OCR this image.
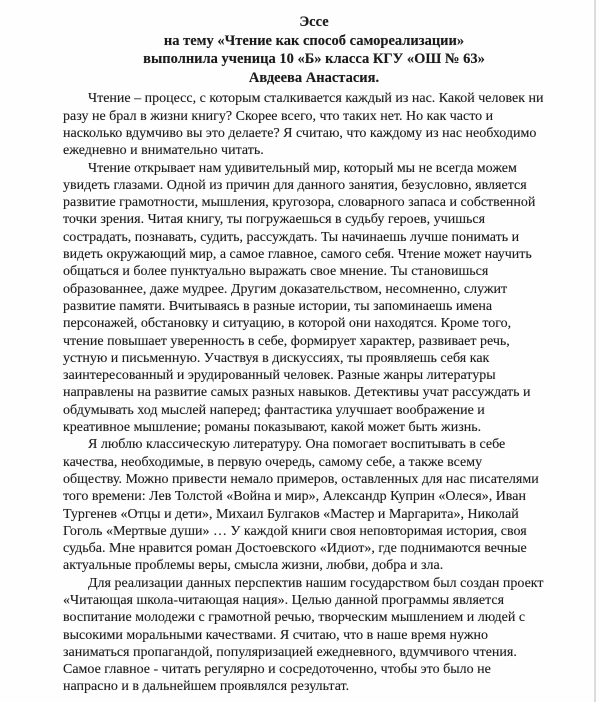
Эссе
на тему «Чтение как способ самореализации»
выполнила ученица 10 «Б» класса КГУ «ОШ № 63»
Авдеева Анастасия.
Чтение – процесс, с которым сталкивается каждый из нас. Какой человек ни
разу не брал в жизни книгу? Скорее всего, что таких нет. Но как часто и
насколько вдумчиво вы это делаете? Я считаю, что каждому из нас необходимо
ежедневно и внимательно читать.
Чтение открывает нам удивительный мир, который мы не всегда можем
увидеть глазами. Одной из причин для данного занятия, безусловно, является
развитие грамотности, мышления, кругозора, словарного запаса и собственной
точки зрения. Читая книгу, ты погружаешься в судьбу героев, учишься
сострадать, познавать, судить, рассуждать. Ты начинаешь лучше понимать и
видеть окружающий мир, а самое главное, самого себя. Чтение может научить
общаться и более пунктуально выражать свое мнение. Ты становишься
образованнее, даже мудрее. Другим доказательством, несомненно, служит
развитие памяти. Вчитываясь в разные истории, ты запоминаешь имена
персонажей, обстановку и ситуацию, в которой они находятся. Кроме того,
чтение повышает уверенность в себе, формирует характер, развивает речь,
устную и письменную. Участвуя в дискуссиях, ты проявляешь себя как
заинтересованный и эрудированный человек. Разные жанры литературы
направлены на развитие самых разных навыков. Детективы учат рассуждать и
обдумывать ход мыслей наперед; фантастика улучшает воображение и
креативное мышление; романы показывают, какой может быть жизнь.
Я люблю классическую литературу. Она помогает воспитывать в себе
качества, необходимые, в первую очередь, самому себе, а также всему
обществу. Можно привести немало примеров, оставленных для нас писателями
того времени: Лев Толстой «Война и мир», Александр Куприн «Олеся», Иван
Тургенев «Отцы и дети», Михаил Булгаков «Мастер и Маргарита», Николай
Гоголь «Мертвые души» … У каждой книги своя неповторимая история, своя
судьба. Мне нравится роман Достоевского «Идиот», где поднимаются вечные
актуальные проблемы веры, смысла жизни, любви, добра и зла.
Для реализации данных перспектив нашим государством был создан проект
«Читающая школа-читающая нация». Целью данной программы является
воспитание молодежи с грамотной речью, творческим мышлением и людей с
высокими моральными качествами. Я считаю, что в наше время нужно
заниматься пропагандой, популяризацией ежедневного, вдумчивого чтения.
Самое главное - читать регулярно и сосредоточенно, чтобы это было не
напрасно и в дальнейшем проявлялся результат.
